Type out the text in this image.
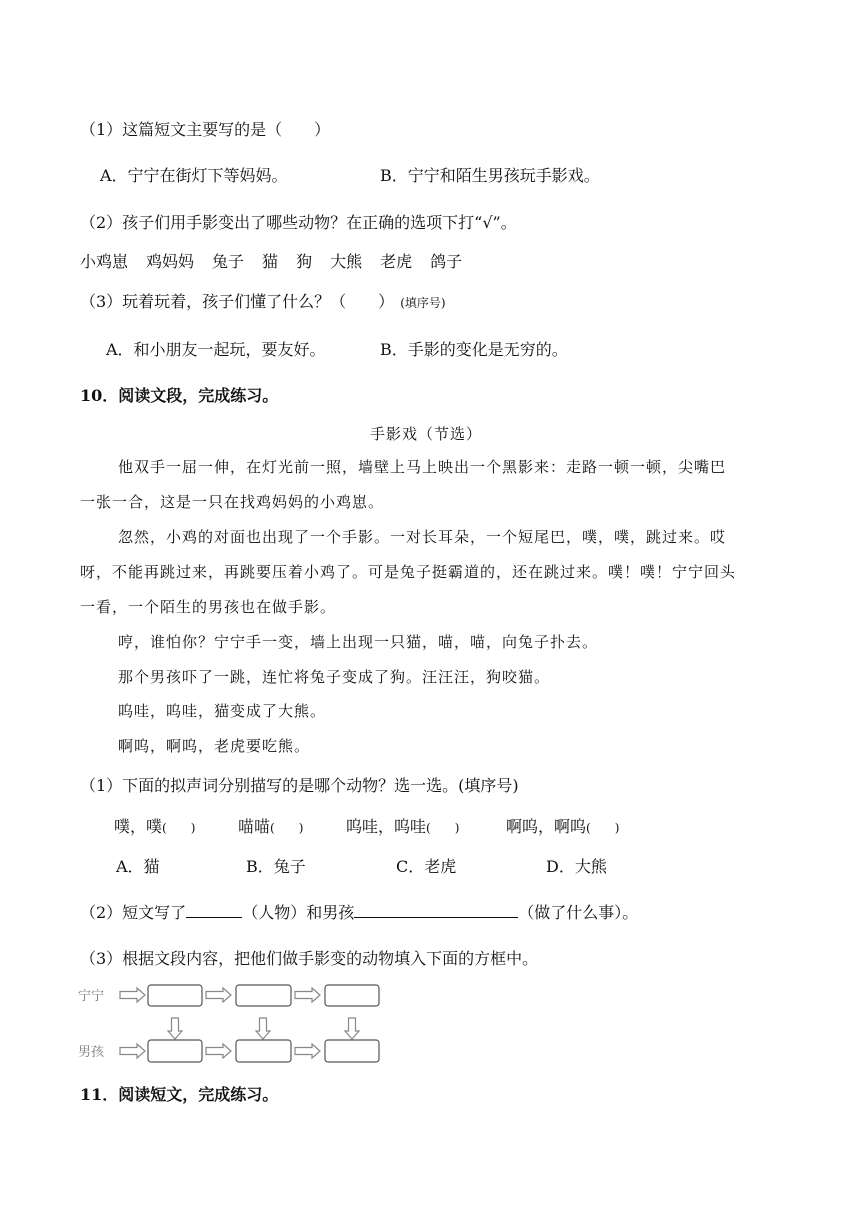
（1）这篇短文主要写的是（　　）
A．宁宁在街灯下等妈妈。	B．宁宁和陌生男孩玩手影戏。
（2）孩子们用手影变出了哪些动物？在正确的选项下打“√”。
小鸡崽 鸡妈妈 兔子 猫 狗 大熊 老虎 鸽子
（3）玩着玩着，孩子们懂了什么？（　　） (填序号)
A．和小朋友一起玩，要友好。	B．手影的变化是无穷的。
10．阅读文段，完成练习。
手影戏（节选）
他双手一屈一伸，在灯光前一照，墙壁上马上映出一个黑影来：走路一顿一顿，尖嘴巴
一张一合，这是一只在找鸡妈妈的小鸡崽。
忽然，小鸡的对面也出现了一个手影。一对长耳朵，一个短尾巴，噗，噗，跳过来。哎
呀，不能再跳过来，再跳要压着小鸡了。可是兔子挺霸道的，还在跳过来。噗！噗！宁宁回头
一看，一个陌生的男孩也在做手影。
哼，谁怕你？宁宁手一变，墙上出现一只猫，喵，喵，向兔子扑去。
那个男孩吓了一跳，连忙将兔子变成了狗。汪汪汪，狗咬猫。
呜哇，呜哇，猫变成了大熊。
啊呜，啊呜，老虎要吃熊。
（1）下面的拟声词分别描写的是哪个动物？选一选。(填序号)
噗，噗(　　)	喵喵(　　)	呜哇，呜哇(　　)	啊呜，啊呜(　　)
A．猫	B．兔子	C．老虎	D．大熊
（2）短文写了	（人物）和男孩	（做了什么事）。
（3）根据文段内容，把他们做手影变的动物填入下面的方框中。
宁宁
男孩
11．阅读短文，完成练习。
